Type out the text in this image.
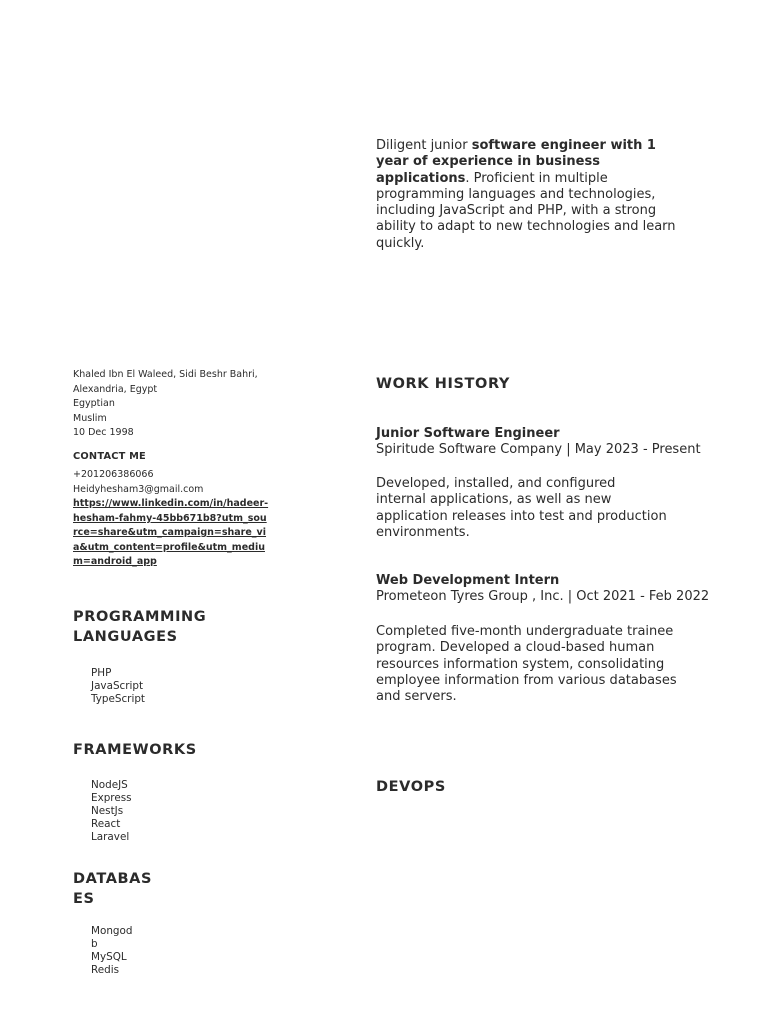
Diligent junior software engineer with 1 year of experience in business applications. Proficient in multiple programming languages and technologies, including JavaScript and PHP, with a strong ability to adapt to new technologies and learn quickly.
Khaled Ibn El Waleed, Sidi Beshr Bahri,
Alexandria, Egypt
Egyptian
Muslim
10 Dec 1998
CONTACT ME
+201206386066
Heidyhesham3@gmail.com
https://www.linkedin.com/in/hadeer-hesham-fahmy-45bb671b8?utm_source=share&utm_campaign=share_via&utm_content=profile&utm_medium=android_app
PROGRAMMING
LANGUAGES
PHP
JavaScript
TypeScript
FRAMEWORKS
NodeJS
Express
NestJs
React
Laravel
DATABAS
ES
Mongod
b
MySQL
Redis
WORK HISTORY
Junior Software Engineer
Spiritude Software Company | May 2023 - Present
Developed, installed, and configured internal applications, as well as new application releases into test and production environments.
Web Development Intern
Prometeon Tyres Group , Inc. | Oct 2021 - Feb 2022
Completed five-month undergraduate trainee program. Developed a cloud-based human resources information system, consolidating employee information from various databases and servers.
DEVOPS
